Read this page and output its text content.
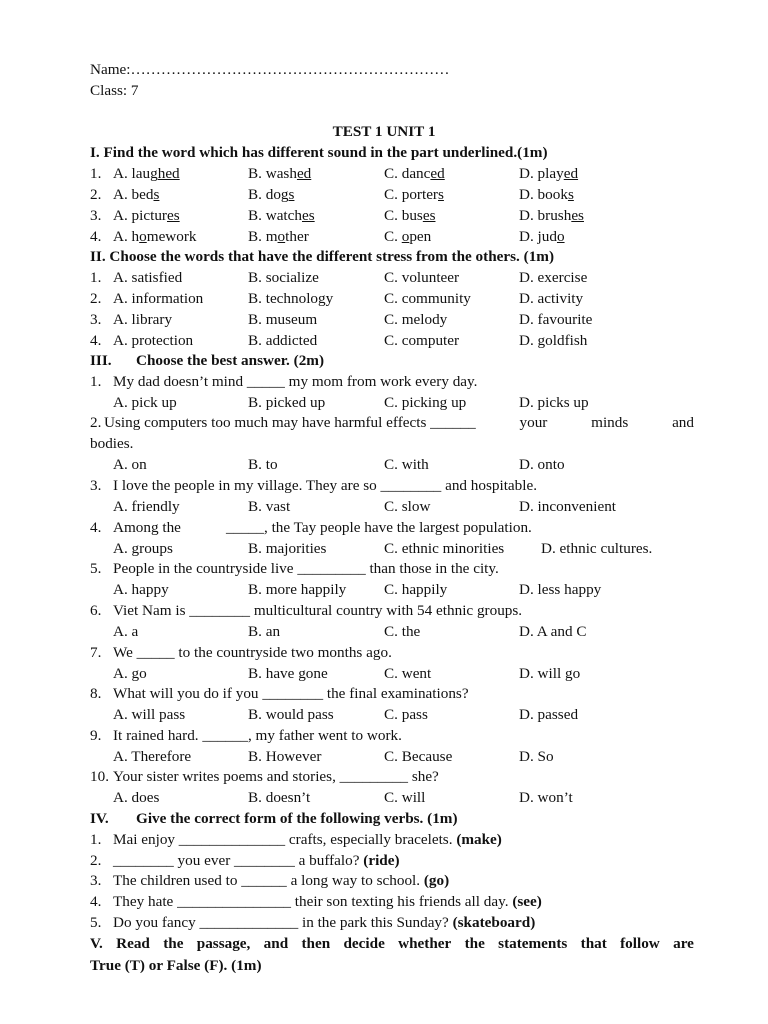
Name:………………………………………………………
Class: 7
TEST 1 UNIT 1
I. Find the word which has different sound in the part underlined.(1m)
1. A. laughed	B. washed	C. danced	D. played
2. A. beds	B. dogs	C. porters	D. books
3. A. pictures	B. watches	C. buses	D. brushes
4. A. homework	B. mother	C. open	D. judo
II. Choose the words that have the different stress from the others. (1m)
1. A. satisfied	B. socialize	C. volunteer	D. exercise
2. A. information	B. technology	C. community	D. activity
3. A. library	B. museum	C. melody	D. favourite
4. A. protection	B. addicted	C. computer	D. goldfish
III. Choose the best answer. (2m)
1. My dad doesn’t mind _____ my mom from work every day.
A. pick up	B. picked up	C. picking up	D. picks up
2. Using computers too much may have harmful effects ______	your	minds	and
bodies.
A. on	B. to	C. with	D. onto
3. I love the people in my village. They are so ________ and hospitable.
A. friendly	B. vast	C. slow	D. inconvenient
4. Among the	_____, the Tay people have the largest population.
A. groups	B. majorities	C. ethnic minorities D. ethnic cultures.
5. People in the countryside live _________ than those in the city.
A. happy	B. more happily C. happily	D. less happy
6. Viet Nam is ________ multicultural country with 54 ethnic groups.
A. a	B. an	C. the	D. A and C
7. We _____ to the countryside two months ago.
A. go	B. have gone	C. went	D. will go
8. What will you do if you ________ the final examinations?
A. will pass	B. would pass	C. pass	D. passed
9. It rained hard. ______, my father went to work.
A. Therefore	B. However	C. Because	D. So
10. Your sister writes poems and stories, _________ she?
A. does	B. doesn’t	C. will	D. won’t
IV. Give the correct form of the following verbs. (1m)
1. Mai enjoy ______________ crafts, especially bracelets. (make)
2. ________ you ever ________ a buffalo? (ride)
3. The children used to ______ a long way to school. (go)
4. They hate _______________ their son texting his friends all day. (see)
5. Do you fancy _____________ in the park this Sunday? (skateboard)
V. Read the passage, and then decide whether the statements that follow are
True (T) or False (F). (1m)
